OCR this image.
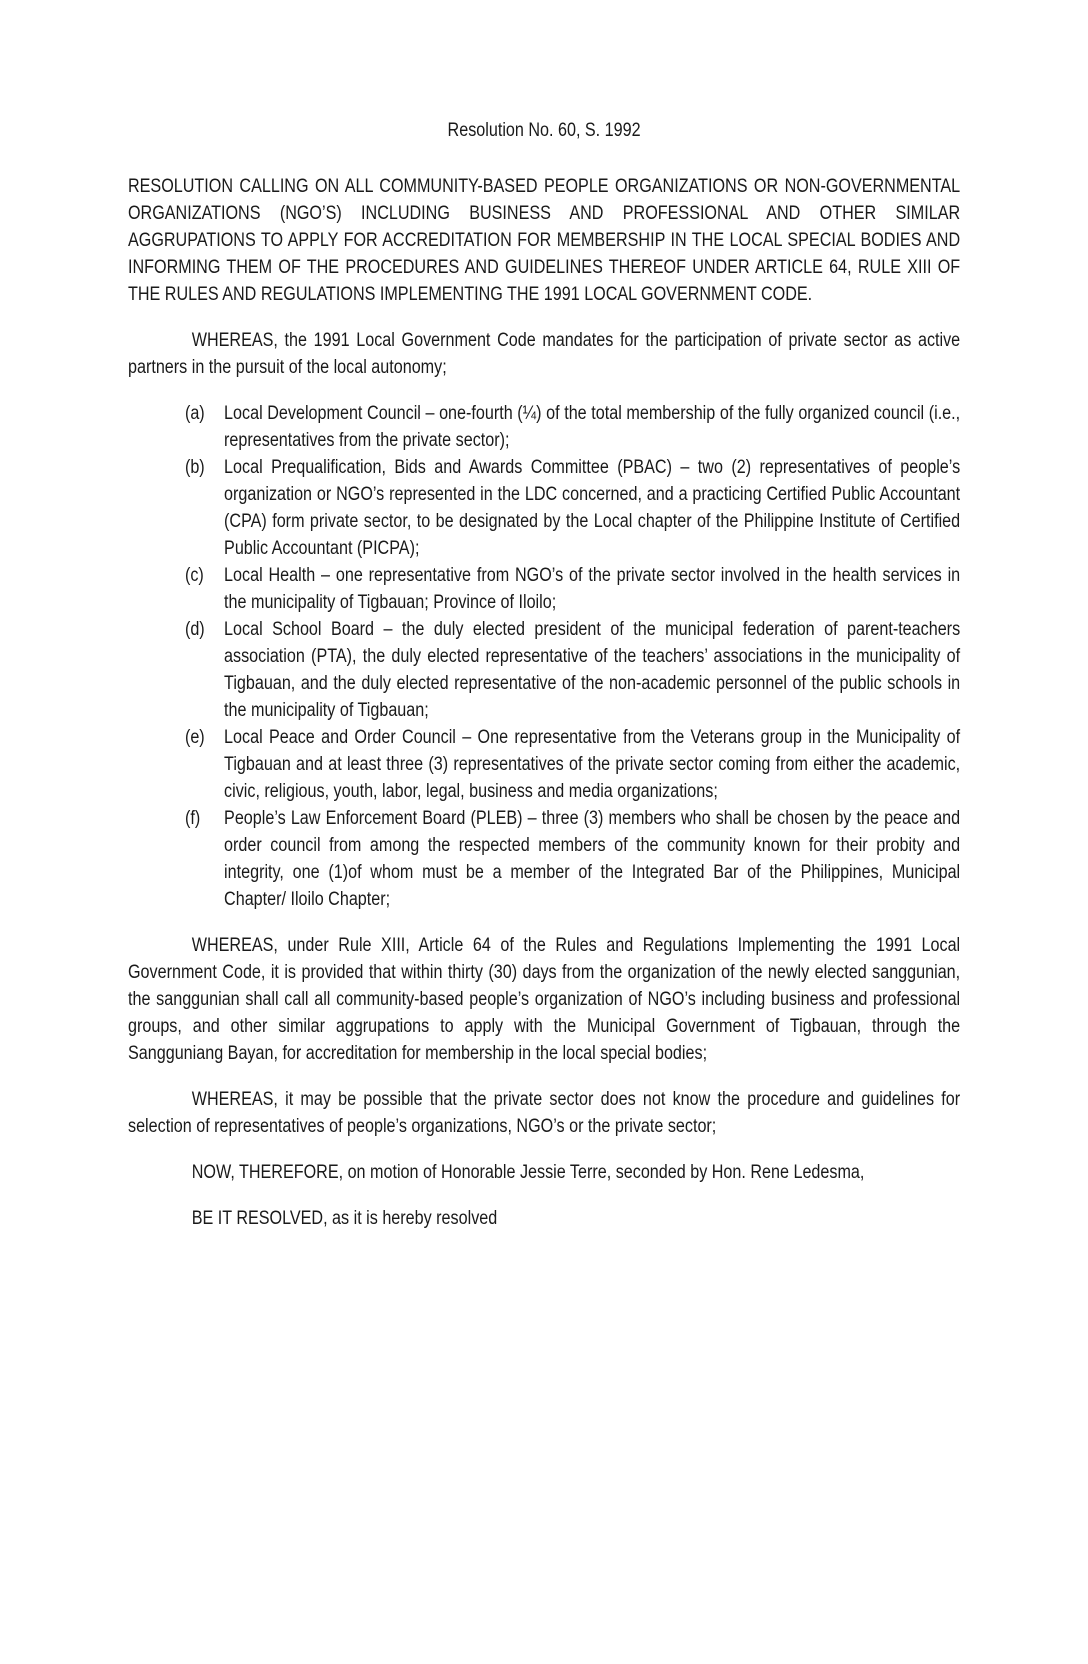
Resolution No. 60, S. 1992

RESOLUTION CALLING ON ALL COMMUNITY-BASED PEOPLE ORGANIZATIONS OR NON-GOVERNMENTAL ORGANIZATIONS (NGO’S) INCLUDING BUSINESS AND PROFESSIONAL AND OTHER SIMILAR AGGRUPATIONS TO APPLY FOR ACCREDITATION FOR MEMBERSHIP IN THE LOCAL SPECIAL BODIES AND INFORMING THEM OF THE PROCEDURES AND GUIDELINES THEREOF UNDER ARTICLE 64, RULE XIII OF THE RULES AND REGULATIONS IMPLEMENTING THE 1991 LOCAL GOVERNMENT CODE.

WHEREAS, the 1991 Local Government Code mandates for the participation of private sector as active partners in the pursuit of the local autonomy;

(a) Local Development Council – one-fourth (¼) of the total membership of the fully organized council (i.e., representatives from the private sector);
(b) Local Prequalification, Bids and Awards Committee (PBAC) – two (2) representatives of people’s organization or NGO’s represented in the LDC concerned, and a practicing Certified Public Accountant (CPA) form private sector, to be designated by the Local chapter of the Philippine Institute of Certified Public Accountant (PICPA);
(c) Local Health – one representative from NGO’s of the private sector involved in the health services in the municipality of Tigbauan; Province of Iloilo;
(d) Local School Board – the duly elected president of the municipal federation of parent-teachers association (PTA), the duly elected representative of the teachers’ associations in the municipality of Tigbauan, and the duly elected representative of the non-academic personnel of the public schools in the municipality of Tigbauan;
(e) Local Peace and Order Council – One representative from the Veterans group in the Municipality of Tigbauan and at least three (3) representatives of the private sector coming from either the academic, civic, religious, youth, labor, legal, business and media organizations;
(f) People’s Law Enforcement Board (PLEB) – three (3) members who shall be chosen by the peace and order council from among the respected members of the community known for their probity and integrity, one (1)of whom must be a member of the Integrated Bar of the Philippines, Municipal Chapter/ Iloilo Chapter;

WHEREAS, under Rule XIII, Article 64 of the Rules and Regulations Implementing the 1991 Local Government Code, it is provided that within thirty (30) days from the organization of the newly elected sanggunian, the sanggunian shall call all community-based people’s organization of NGO’s including business and professional groups, and other similar aggrupations to apply with the Municipal Government of Tigbauan, through the Sangguniang Bayan, for accreditation for membership in the local special bodies;

WHEREAS, it may be possible that the private sector does not know the procedure and guidelines for selection of representatives of people’s organizations, NGO’s or the private sector;

NOW, THEREFORE, on motion of Honorable Jessie Terre, seconded by Hon. Rene Ledesma,

BE IT RESOLVED, as it is hereby resolved
